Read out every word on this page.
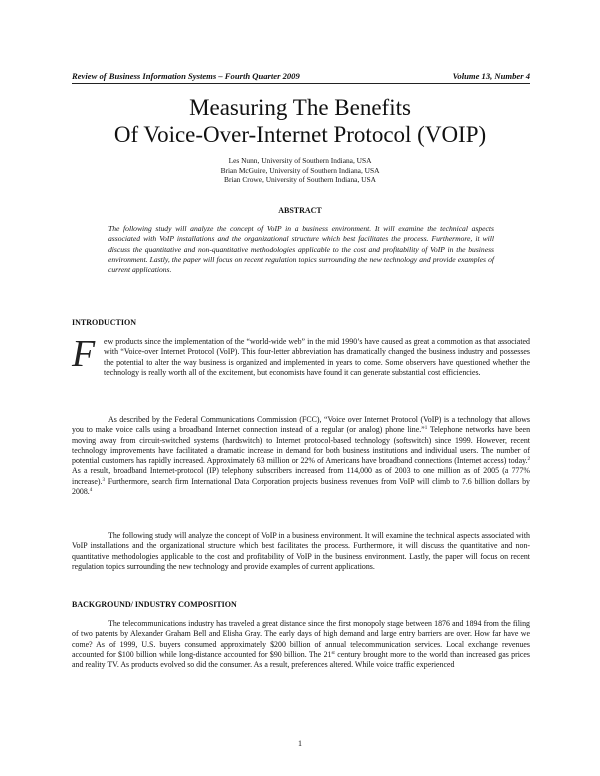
Review of Business Information Systems – Fourth Quarter 2009	Volume 13, Number 4
Measuring The Benefits
Of Voice-Over-Internet Protocol (VOIP)
Les Nunn, University of Southern Indiana, USA
Brian McGuire, University of Southern Indiana, USA
Brian Crowe, University of Southern Indiana, USA
ABSTRACT
The following study will analyze the concept of VoIP in a business environment. It will examine the technical aspects associated with VoIP installations and the organizational structure which best facilitates the process. Furthermore, it will discuss the quantitative and non-quantitative methodologies applicable to the cost and profitability of VoIP in the business environment. Lastly, the paper will focus on recent regulation topics surrounding the new technology and provide examples of current applications.
INTRODUCTION

F	ew products since the implementation of the “world-wide web” in the mid 1990’s have caused as great a commotion as that associated with “Voice-over Internet Protocol (VoIP). This four-letter abbreviation has dramatically changed the business industry and possesses the potential to alter the way business is organized and implemented in years to come. Some observers have questioned whether the technology is really worth all of the excitement, but economists have found it can generate substantial cost efficiencies.

As described by the Federal Communications Commission (FCC), “Voice over Internet Protocol (VoIP) is a technology that allows you to make voice calls using a broadband Internet connection instead of a regular (or analog) phone line.”$^1$ Telephone networks have been moving away from circuit-switched systems (hardswitch) to Internet protocol-based technology (softswitch) since 1999. However, recent technology improvements have facilitated a dramatic increase in demand for both business institutions and individual users. The number of potential customers has rapidly increased. Approximately 63 million or 22% of Americans have broadband connections (Internet access) today.$^2$ As a result, broadband Internet-protocol (IP) telephony subscribers increased from 114,000 as of 2003 to one million as of 2005 (a 777% increase).$^3$ Furthermore, search firm International Data Corporation projects business revenues from VoIP will climb to 7.6 billion dollars by 2008.$^4$

The following study will analyze the concept of VoIP in a business environment. It will examine the technical aspects associated with VoIP installations and the organizational structure which best facilitates the process. Furthermore, it will discuss the quantitative and non-quantitative methodologies applicable to the cost and profitability of VoIP in the business environment. Lastly, the paper will focus on recent regulation topics surrounding the new technology and provide examples of current applications.

BACKGROUND/ INDUSTRY COMPOSITION

The telecommunications industry has traveled a great distance since the first monopoly stage between 1876 and 1894 from the filing of two patents by Alexander Graham Bell and Elisha Gray. The early days of high demand and large entry barriers are over. How far have we come? As of 1999, U.S. buyers consumed approximately $200 billion of annual telecommunication services. Local exchange revenues accounted for $100 billion while long-distance accounted for $90 billion. The 21st century brought more to the world than increased gas prices and reality TV. As products evolved so did the consumer. As a result, preferences altered. While voice traffic experienced

1
